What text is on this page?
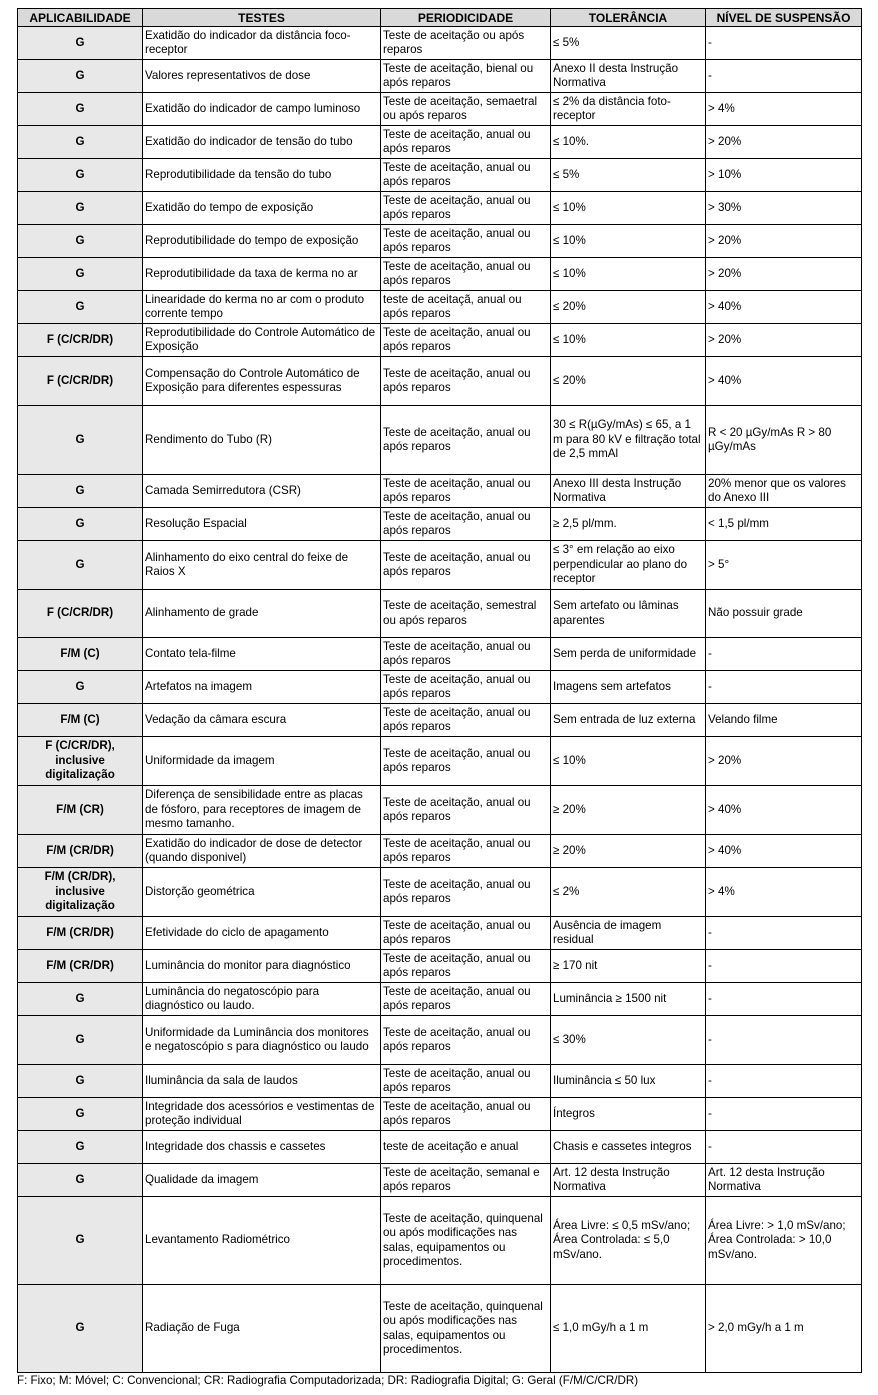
APLICABILIDADE	TESTES	PERIODICIDADE	TOLERÂNCIA	NÍVEL DE SUSPENSÃO
G	Exatidão do indicador da distância foco-receptor	Teste de aceitação ou após reparos	≤ 5%	-
G	Valores representativos de dose	Teste de aceitação, bienal ou após reparos	Anexo II desta Instrução Normativa	-
G	Exatidão do indicador de campo luminoso	Teste de aceitação, semaetral ou após reparos	≤ 2% da distância foto-receptor	> 4%
G	Exatidão do indicador de tensão do tubo	Teste de aceitação, anual ou após reparos	≤ 10%.	> 20%
G	Reprodutibilidade da tensão do tubo	Teste de aceitação, anual ou após reparos	≤ 5%	> 10%
G	Exatidão do tempo de exposição	Teste de aceitação, anual ou após reparos	≤ 10%	> 30%
G	Reprodutibilidade do tempo de exposição	Teste de aceitação, anual ou após reparos	≤ 10%	> 20%
G	Reprodutibilidade da taxa de kerma no ar	Teste de aceitação, anual ou após reparos	≤ 10%	> 20%
G	Linearidade do kerma no ar com o produto corrente tempo	teste de aceitaçã, anual ou após reparos	≤ 20%	> 40%
F (C/CR/DR)	Reprodutibilidade do Controle Automático de Exposição	Teste de aceitação, anual ou após reparos	≤ 10%	> 20%
F (C/CR/DR)	Compensação do Controle Automático de Exposição para diferentes espessuras	Teste de aceitação, anual ou após reparos	≤ 20%	> 40%
G	Rendimento do Tubo (R)	Teste de aceitação, anual ou após reparos	30 ≤ R(µGy/mAs) ≤ 65, a 1 m para 80 kV e filtração total de 2,5 mmAl	R < 20 µGy/mAs R > 80 µGy/mAs
G	Camada Semirredutora (CSR)	Teste de aceitação, anual ou após reparos	Anexo III desta Instrução Normativa	20% menor que os valores do Anexo III
G	Resolução Espacial	Teste de aceitação, anual ou após reparos	≥ 2,5 pl/mm.	< 1,5 pl/mm
G	Alinhamento do eixo central do feixe de Raios X	Teste de aceitação, anual ou após reparos	≤ 3° em relação ao eixo perpendicular ao plano do receptor	> 5°
F (C/CR/DR)	Alinhamento de grade	Teste de aceitação, semestral ou após reparos	Sem artefato ou lâminas aparentes	Não possuir grade
F/M (C)	Contato tela-filme	Teste de aceitação, anual ou após reparos	Sem perda de uniformidade	-
G	Artefatos na imagem	Teste de aceitação, anual ou após reparos	Imagens sem artefatos	-
F/M (C)	Vedação da câmara escura	Teste de aceitação, anual ou após reparos	Sem entrada de luz externa	Velando filme
F (C/CR/DR), inclusive digitalização	Uniformidade da imagem	Teste de aceitação, anual ou após reparos	≤ 10%	> 20%
F/M (CR)	Diferença de sensibilidade entre as placas de fósforo, para receptores de imagem de mesmo tamanho.	Teste de aceitação, anual ou após reparos	≥ 20%	> 40%
F/M (CR/DR)	Exatidão do indicador de dose de detector (quando disponivel)	Teste de aceitação, anual ou após reparos	≥ 20%	> 40%
F/M (CR/DR), inclusive digitalização	Distorção geométrica	Teste de aceitação, anual ou após reparos	≤ 2%	> 4%
F/M (CR/DR)	Efetividade do ciclo de apagamento	Teste de aceitação, anual ou após reparos	Ausência de imagem residual	-
F/M (CR/DR)	Luminância do monitor para diagnóstico	Teste de aceitação, anual ou após reparos	≥ 170 nit	-
G	Luminância do negatoscópio para diagnóstico ou laudo.	Teste de aceitação, anual ou após reparos	Luminância ≥ 1500 nit	-
G	Uniformidade da Luminância dos monitores e negatoscópio s para diagnóstico ou laudo	Teste de aceitação, anual ou após reparos	≤ 30%	-
G	Iluminância da sala de laudos	Teste de aceitação, anual ou após reparos	Iluminância ≤ 50 lux	-
G	Integridade dos acessórios e vestimentas de proteção individual	Teste de aceitação, anual ou após reparos	Íntegros	-
G	Integridade dos chassis e cassetes	teste de aceitação e anual	Chasis e cassetes integros	-
G	Qualidade da imagem	Teste de aceitação, semanal e após reparos	Art. 12 desta Instrução Normativa	Art. 12 desta Instrução Normativa
G	Levantamento Radiométrico	Teste de aceitação, quinquenal ou após modificações nas salas, equipamentos ou procedimentos.	Área Livre: ≤ 0,5 mSv/ano; Área Controlada: ≤ 5,0 mSv/ano.	Área Livre: > 1,0 mSv/ano; Área Controlada: > 10,0 mSv/ano.
G	Radiação de Fuga	Teste de aceitação, quinquenal ou após modificações nas salas, equipamentos ou procedimentos.	≤ 1,0 mGy/h a 1 m	> 2,0 mGy/h a 1 m
F: Fixo; M: Móvel; C: Convencional; CR: Radiografia Computadorizada; DR: Radiografia Digital; G: Geral (F/M/C/CR/DR)
